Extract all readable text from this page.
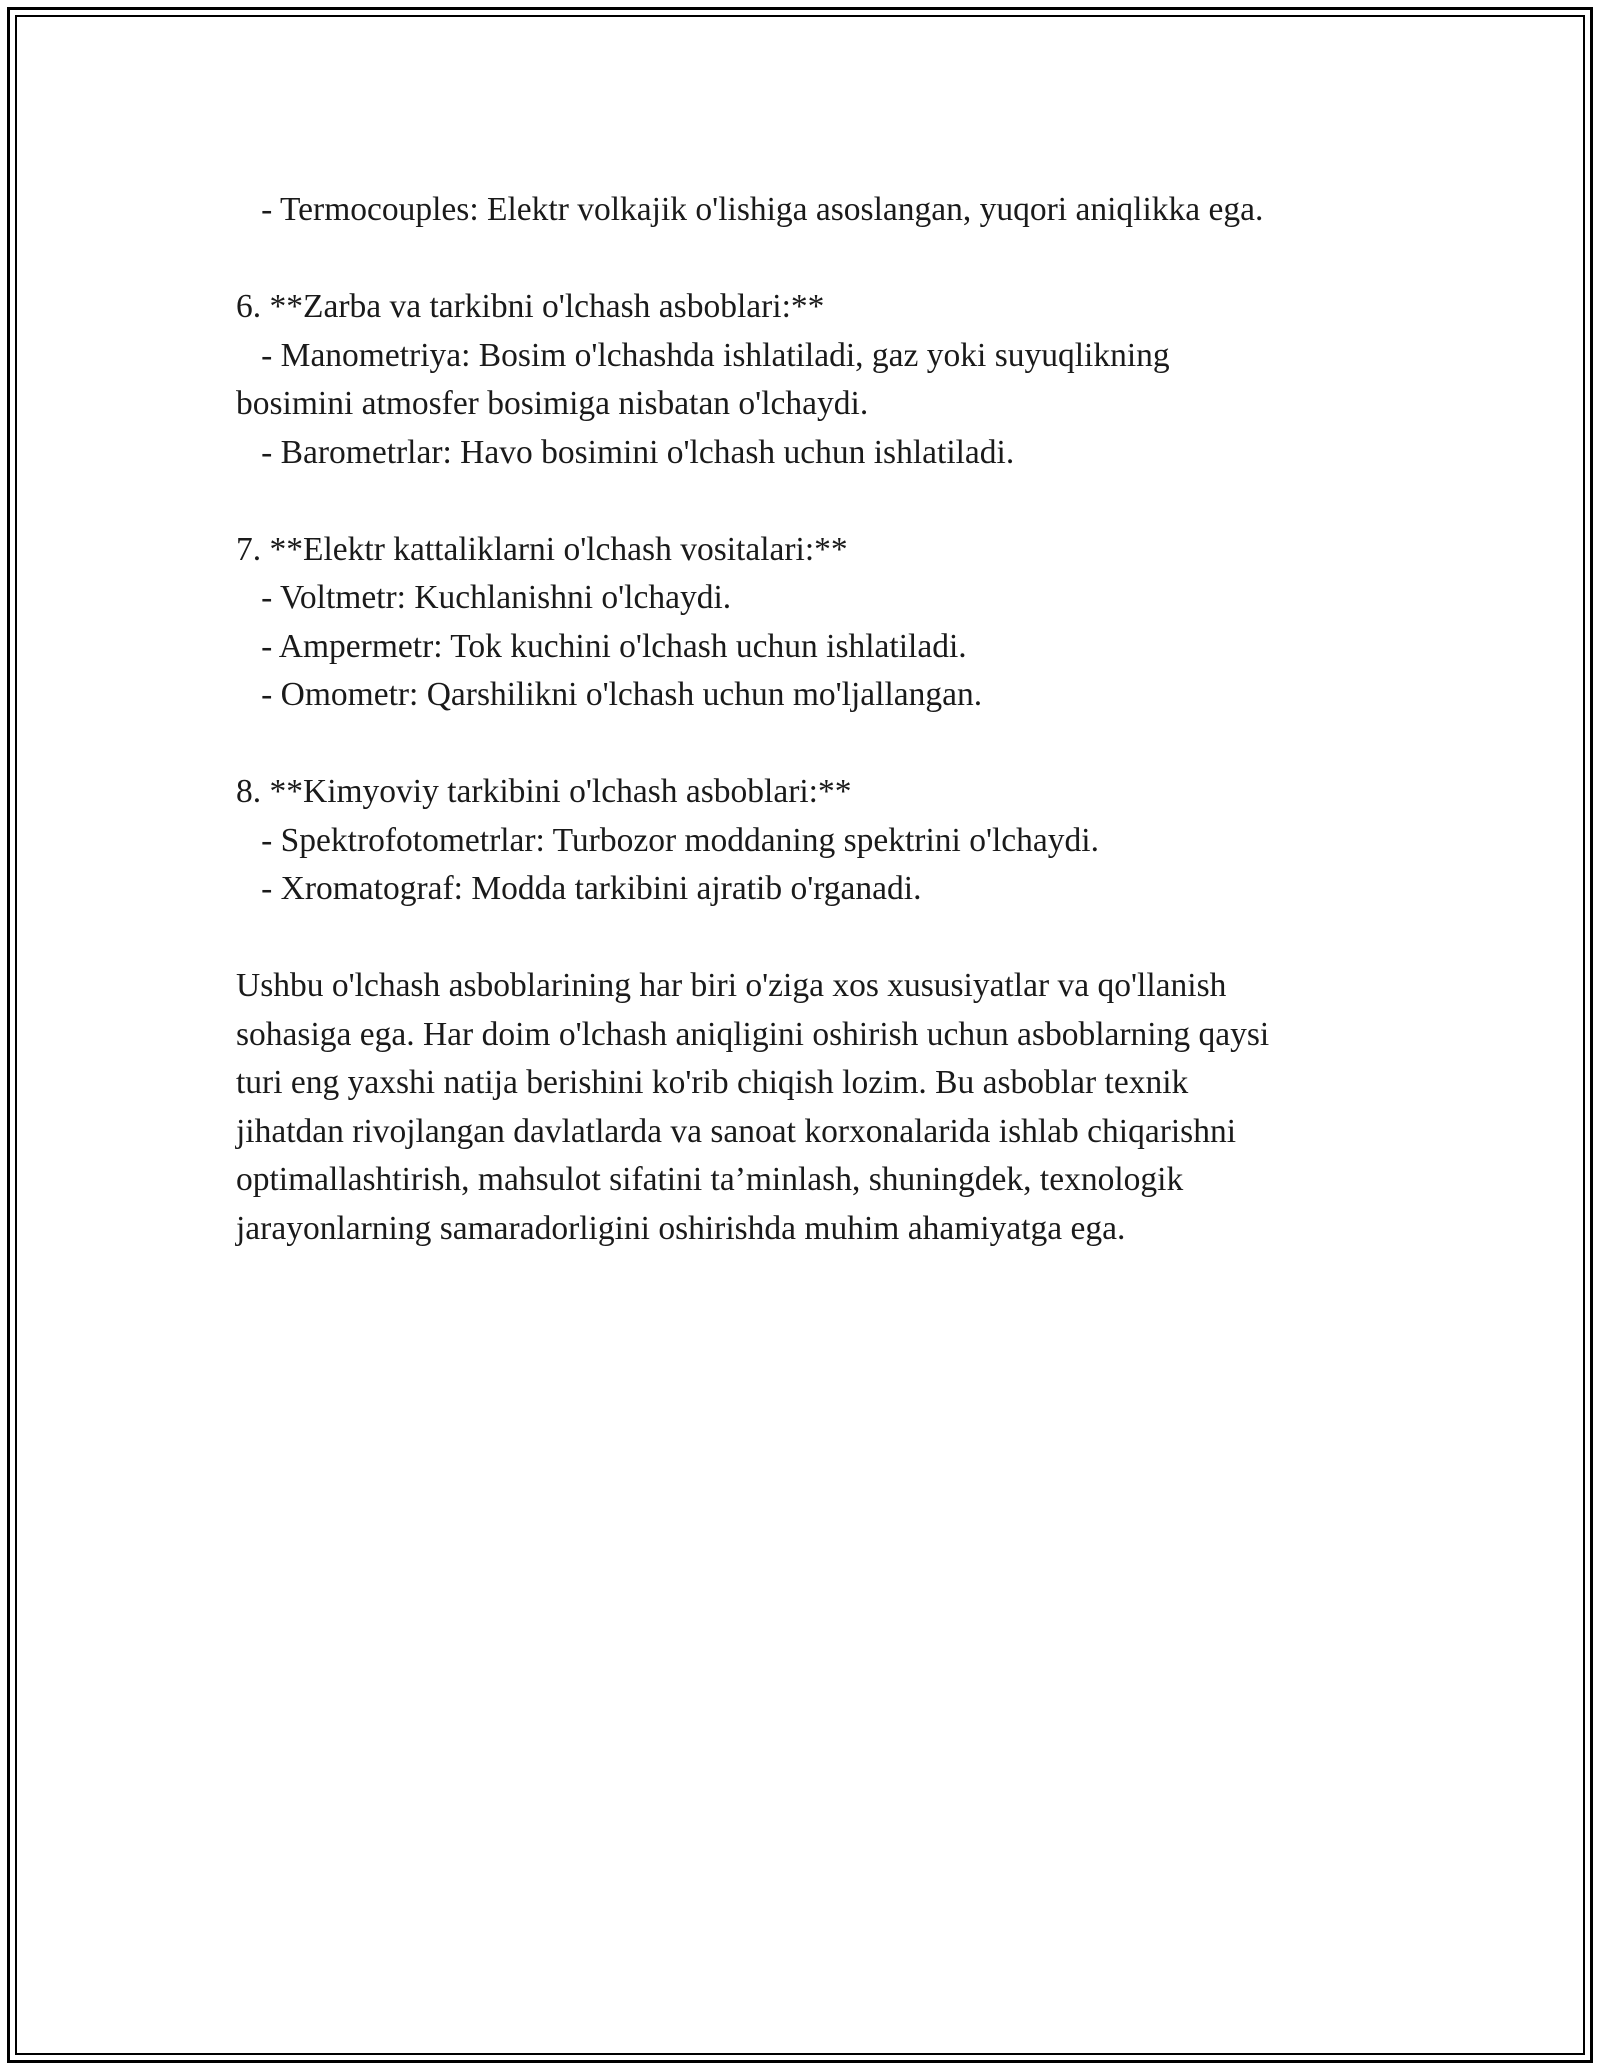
- Termocouples: Elektr volkajik o'lishiga asoslangan, yuqori aniqlikka ega.
6. **Zarba va tarkibni o'lchash asboblari:**
- Manometriya: Bosim o'lchashda ishlatiladi, gaz yoki suyuqlikning
bosimini atmosfer bosimiga nisbatan o'lchaydi.
- Barometrlar: Havo bosimini o'lchash uchun ishlatiladi.
7. **Elektr kattaliklarni o'lchash vositalari:**
- Voltmetr: Kuchlanishni o'lchaydi.
- Ampermetr: Tok kuchini o'lchash uchun ishlatiladi.
- Omometr: Qarshilikni o'lchash uchun mo'ljallangan.
8. **Kimyoviy tarkibini o'lchash asboblari:**
- Spektrofotometrlar: Turbozor moddaning spektrini o'lchaydi.
- Xromatograf: Modda tarkibini ajratib o'rganadi.
Ushbu o'lchash asboblarining har biri o'ziga xos xususiyatlar va qo'llanish
sohasiga ega. Har doim o'lchash aniqligini oshirish uchun asboblarning qaysi
turi eng yaxshi natija berishini ko'rib chiqish lozim. Bu asboblar texnik
jihatdan rivojlangan davlatlarda va sanoat korxonalarida ishlab chiqarishni
optimallashtirish, mahsulot sifatini ta’minlash, shuningdek, texnologik
jarayonlarning samaradorligini oshirishda muhim ahamiyatga ega.
